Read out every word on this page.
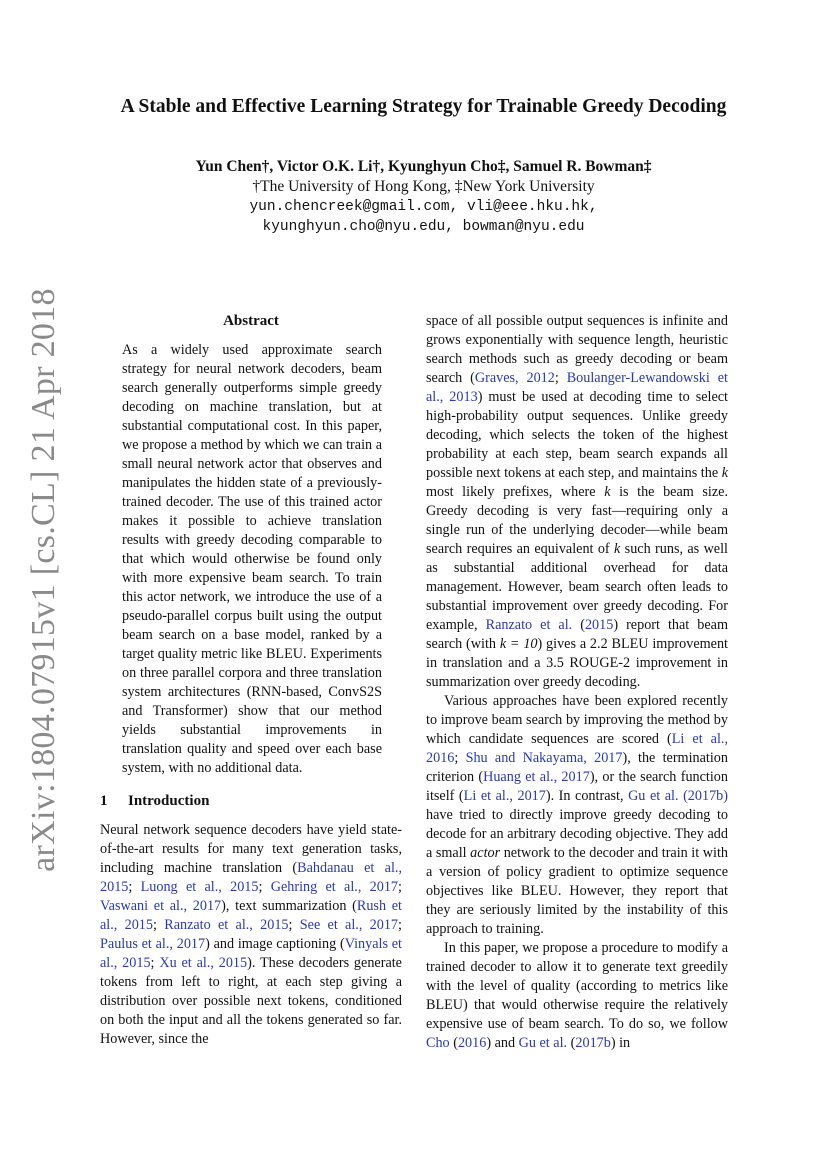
arXiv:1804.07915v1 [cs.CL] 21 Apr 2018
A Stable and Effective Learning Strategy for Trainable Greedy Decoding
Yun Chen†, Victor O.K. Li†, Kyunghyun Cho‡, Samuel R. Bowman‡
†The University of Hong Kong, ‡New York University
yun.chencreek@gmail.com, vli@eee.hku.hk,
kyunghyun.cho@nyu.edu, bowman@nyu.edu
Abstract
As a widely used approximate search strategy for neural network decoders, beam search generally outperforms simple greedy decoding on machine translation, but at substantial computational cost. In this paper, we propose a method by which we can train a small neural network actor that observes and manipulates the hidden state of a previously-trained decoder. The use of this trained actor makes it possible to achieve translation results with greedy decoding comparable to that which would otherwise be found only with more expensive beam search. To train this actor network, we introduce the use of a pseudo-parallel corpus built using the output beam search on a base model, ranked by a target quality metric like BLEU. Experiments on three parallel corpora and three translation system architectures (RNN-based, ConvS2S and Transformer) show that our method yields substantial improvements in translation quality and speed over each base system, with no additional data.
1 Introduction

Neural network sequence decoders have yield state-of-the-art results for many text generation tasks, including machine translation (Bahdanau et al., 2015; Luong et al., 2015; Gehring et al., 2017; Vaswani et al., 2017), text summarization (Rush et al., 2015; Ranzato et al., 2015; See et al., 2017; Paulus et al., 2017) and image captioning (Vinyals et al., 2015; Xu et al., 2015). These decoders generate tokens from left to right, at each step giving a distribution over possible next tokens, conditioned on both the input and all the tokens generated so far. However, since the

space of all possible output sequences is infinite and grows exponentially with sequence length, heuristic search methods such as greedy decoding or beam search (Graves, 2012; Boulanger-Lewandowski et al., 2013) must be used at decoding time to select high-probability output sequences. Unlike greedy decoding, which selects the token of the highest probability at each step, beam search expands all possible next tokens at each step, and maintains the k most likely prefixes, where k is the beam size. Greedy decoding is very fast—requiring only a single run of the underlying decoder—while beam search requires an equivalent of k such runs, as well as substantial additional overhead for data management. However, beam search often leads to substantial improvement over greedy decoding. For example, Ranzato et al. (2015) report that beam search (with k = 10) gives a 2.2 BLEU improvement in translation and a 3.5 ROUGE-2 improvement in summarization over greedy decoding.

Various approaches have been explored recently to improve beam search by improving the method by which candidate sequences are scored (Li et al., 2016; Shu and Nakayama, 2017), the termination criterion (Huang et al., 2017), or the search function itself (Li et al., 2017). In contrast, Gu et al. (2017b) have tried to directly improve greedy decoding to decode for an arbitrary decoding objective. They add a small actor network to the decoder and train it with a version of policy gradient to optimize sequence objectives like BLEU. However, they report that they are seriously limited by the instability of this approach to training.

In this paper, we propose a procedure to modify a trained decoder to allow it to generate text greedily with the level of quality (according to metrics like BLEU) that would otherwise require the relatively expensive use of beam search. To do so, we follow Cho (2016) and Gu et al. (2017b) in
